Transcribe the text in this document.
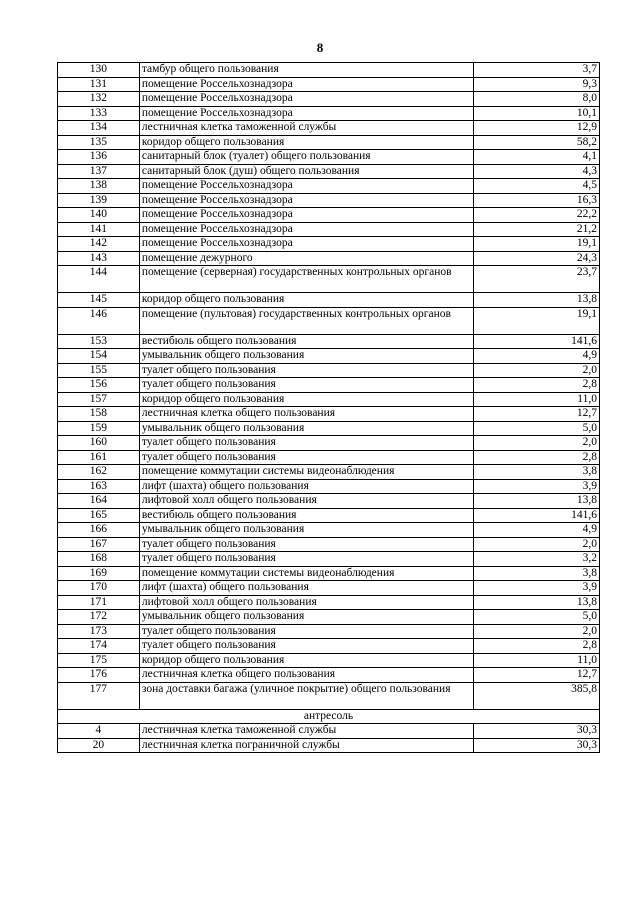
8
130	тамбур общего пользования	3,7
131	помещение Россельхознадзора	9,3
132	помещение Россельхознадзора	8,0
133	помещение Россельхознадзора	10,1
134	лестничная клетка таможенной службы	12,9
135	коридор общего пользования	58,2
136	санитарный блок (туалет) общего пользования	4,1
137	санитарный блок (душ) общего пользования	4,3
138	помещение Россельхознадзора	4,5
139	помещение Россельхознадзора	16,3
140	помещение Россельхознадзора	22,2
141	помещение Россельхознадзора	21,2
142	помещение Россельхознадзора	19,1
143	помещение дежурного	24,3
144	помещение (серверная) государственных контрольных органов	23,7
145	коридор общего пользования	13,8
146	помещение (пультовая) государственных контрольных органов	19,1
153	вестибюль общего пользования	141,6
154	умывальник общего пользования	4,9
155	туалет общего пользования	2,0
156	туалет общего пользования	2,8
157	коридор общего пользования	11,0
158	лестничная клетка общего пользования	12,7
159	умывальник общего пользования	5,0
160	туалет общего пользования	2,0
161	туалет общего пользования	2,8
162	помещение коммутации системы видеонаблюдения	3,8
163	лифт (шахта) общего пользования	3,9
164	лифтовой холл общего пользования	13,8
165	вестибюль общего пользования	141,6
166	умывальник общего пользования	4,9
167	туалет общего пользования	2,0
168	туалет общего пользования	3,2
169	помещение коммутации системы видеонаблюдения	3,8
170	лифт (шахта) общего пользования	3,9
171	лифтовой холл общего пользования	13,8
172	умывальник общего пользования	5,0
173	туалет общего пользования	2,0
174	туалет общего пользования	2,8
175	коридор общего пользования	11,0
176	лестничная клетка общего пользования	12,7
177	зона доставки багажа (уличное покрытие) общего пользования	385,8
антресоль		
4	лестничная клетка таможенной службы	30,3
20	лестничная клетка пограничной службы	30,3
